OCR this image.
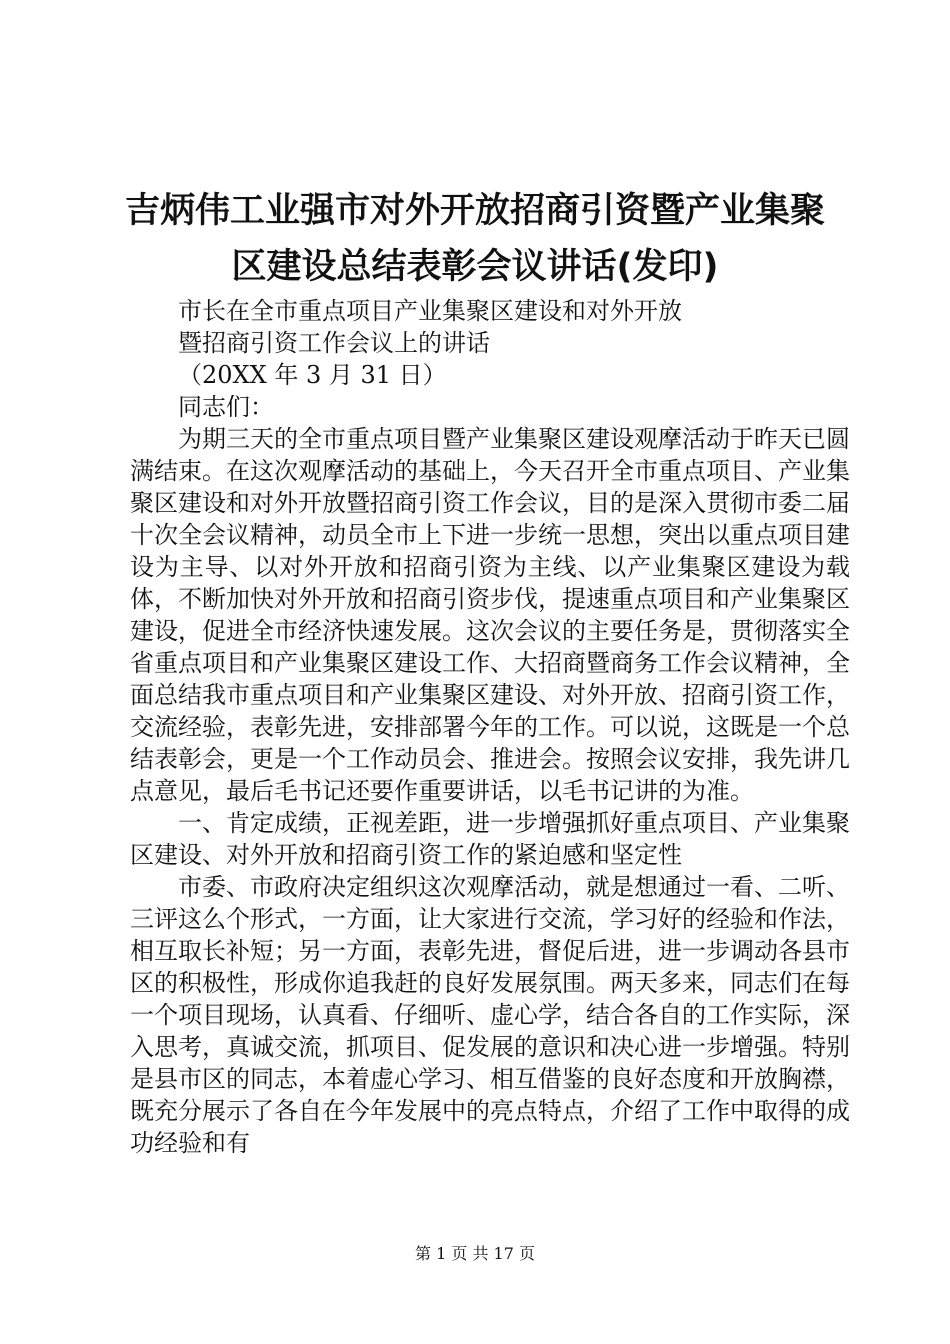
吉炳伟工业强市对外开放招商引资暨产业集聚
区建设总结表彰会议讲话(发印)

市长在全市重点项目产业集聚区建设和对外开放

暨招商引资工作会议上的讲话

（20XX 年 3 月 31 日）

同志们：

为期三天的全市重点项目暨产业集聚区建设观摩活动于昨天已圆满结束。在这次观摩活动的基础上，今天召开全市重点项目、产业集聚区建设和对外开放暨招商引资工作会议，目的是深入贯彻市委二届十次全会议精神，动员全市上下进一步统一思想，突出以重点项目建设为主导、以对外开放和招商引资为主线、以产业集聚区建设为载体，不断加快对外开放和招商引资步伐，提速重点项目和产业集聚区建设，促进全市经济快速发展。这次会议的主要任务是，贯彻落实全省重点项目和产业集聚区建设工作、大招商暨商务工作会议精神，全面总结我市重点项目和产业集聚区建设、对外开放、招商引资工作，交流经验，表彰先进，安排部署今年的工作。可以说，这既是一个总结表彰会，更是一个工作动员会、推进会。按照会议安排，我先讲几点意见，最后毛书记还要作重要讲话，以毛书记讲的为准。

一、肯定成绩，正视差距，进一步增强抓好重点项目、产业集聚区建设、对外开放和招商引资工作的紧迫感和坚定性

市委、市政府决定组织这次观摩活动，就是想通过一看、二听、三评这么个形式，一方面，让大家进行交流，学习好的经验和作法，相互取长补短；另一方面，表彰先进，督促后进，进一步调动各县市区的积极性，形成你追我赶的良好发展氛围。两天多来，同志们在每一个项目现场，认真看、仔细听、虚心学，结合各自的工作实际，深入思考，真诚交流，抓项目、促发展的意识和决心进一步增强。特别是县市区的同志，本着虚心学习、相互借鉴的良好态度和开放胸襟，既充分展示了各自在今年发展中的亮点特点，介绍了工作中取得的成功经验和有

第 1 页 共 17 页
